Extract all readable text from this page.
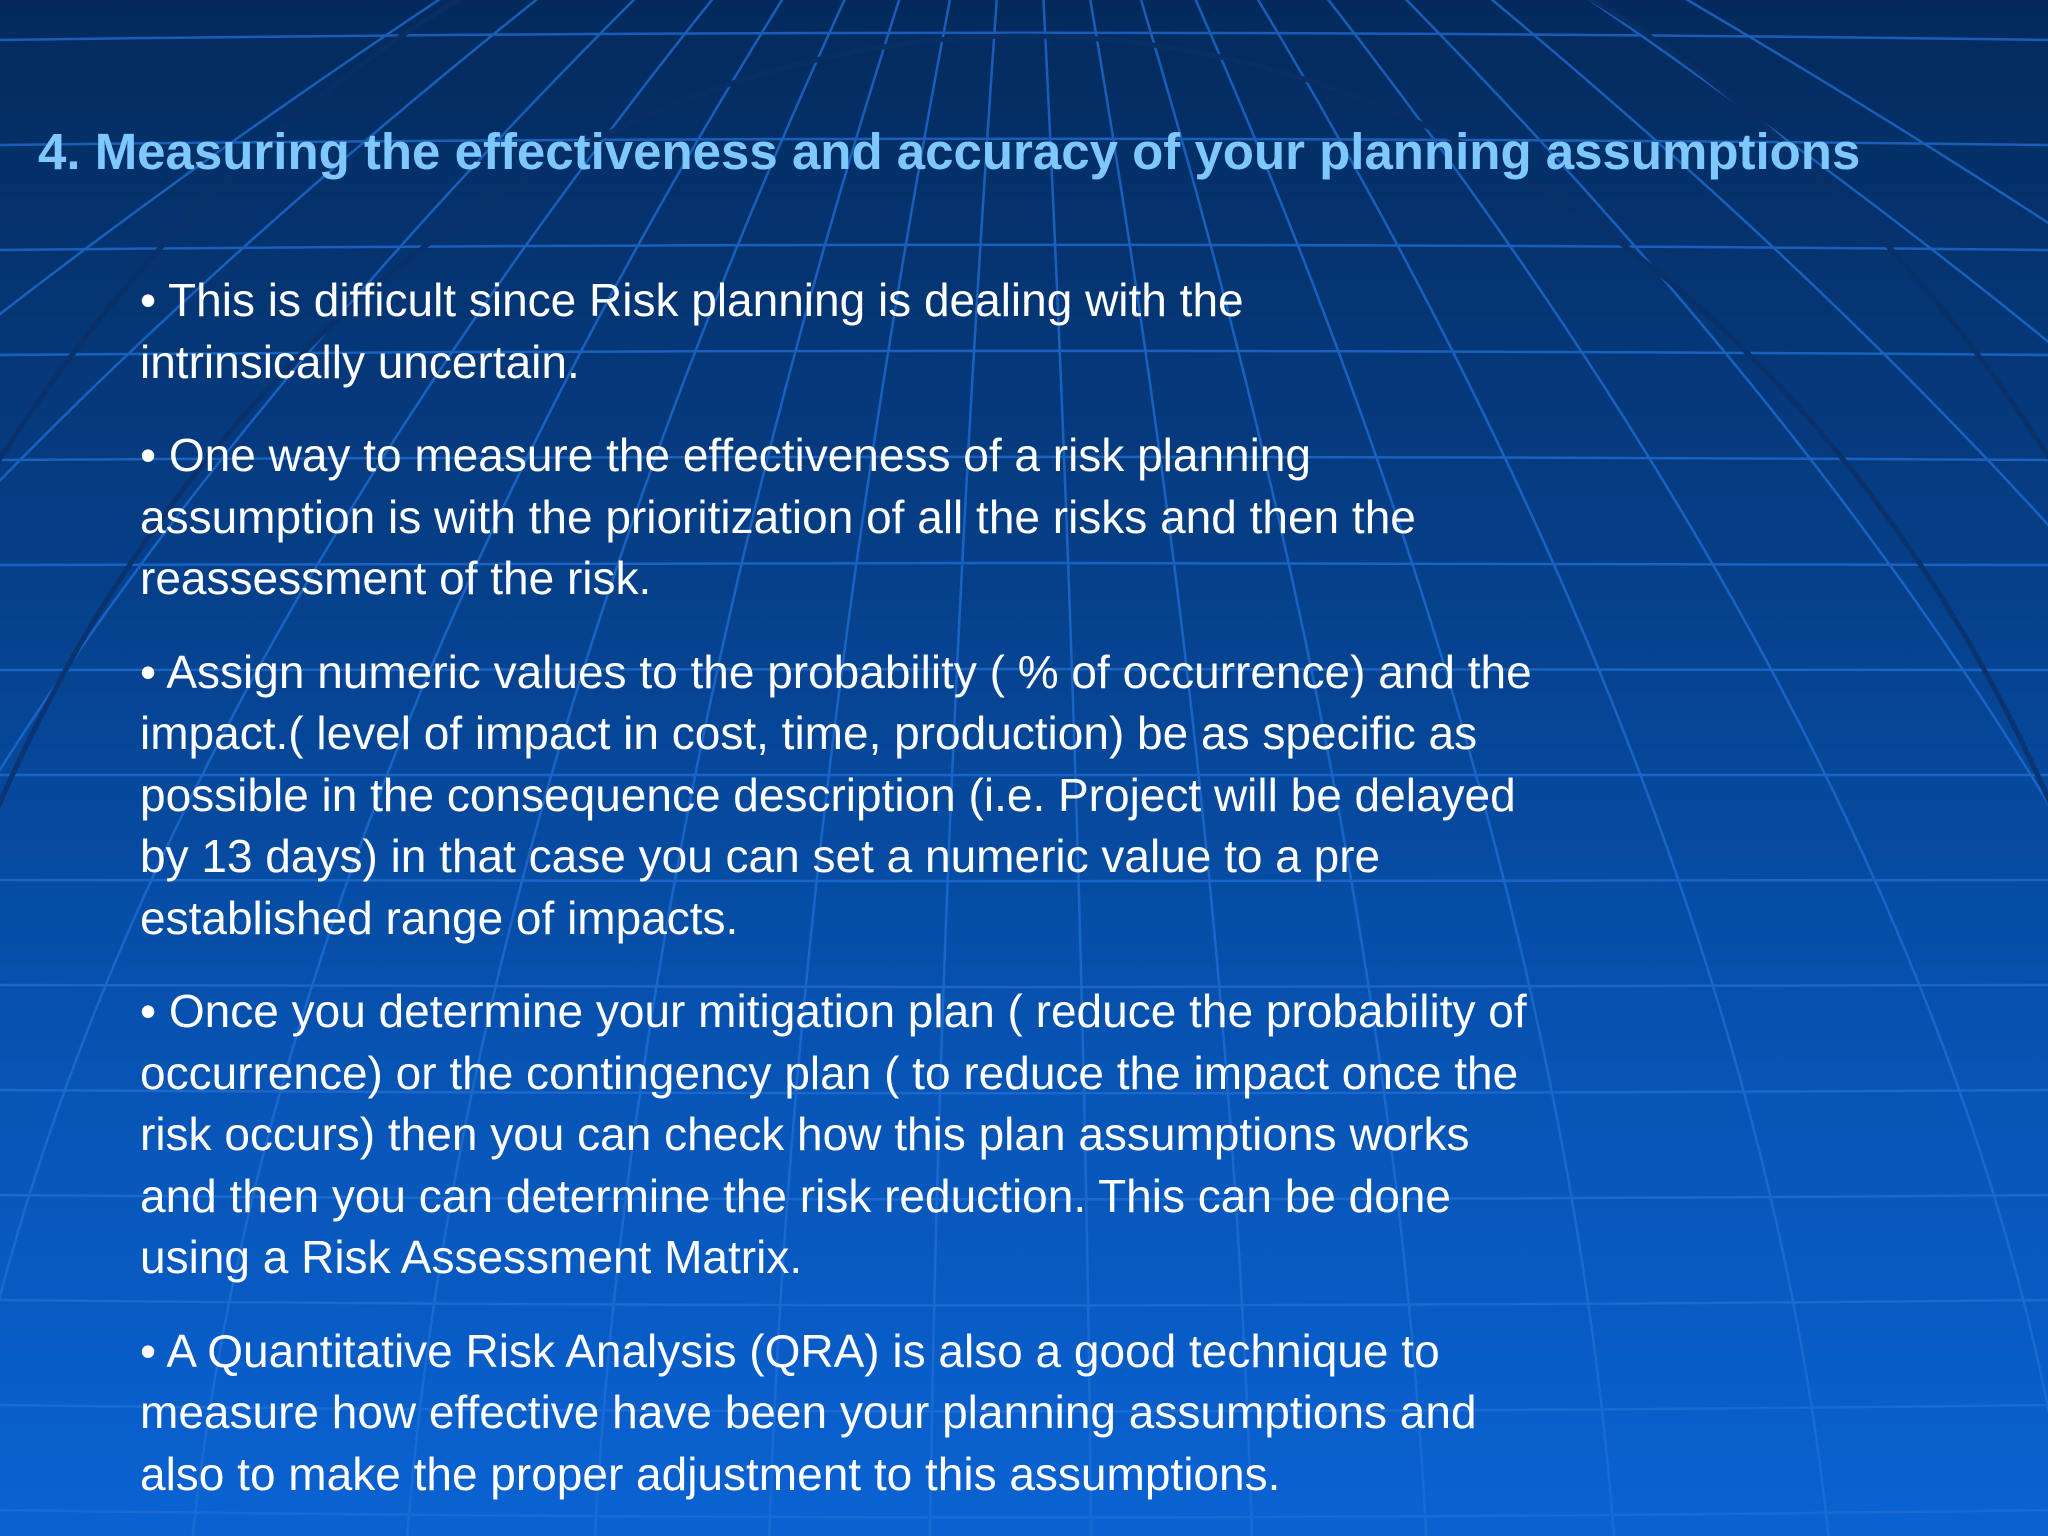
4. Measuring the effectiveness and accuracy of your planning assumptions
• This is difficult since Risk planning is dealing with the
intrinsically uncertain.
• One way to measure the effectiveness of a risk planning
assumption is with the prioritization of all the risks and then the
reassessment of the risk.
• Assign numeric values to the probability ( % of occurrence) and the
impact.( level of impact in cost, time, production) be as specific as
possible in the consequence description (i.e. Project will be delayed
by 13 days) in that case you can set a numeric value to a pre
established range of impacts.
• Once you determine your mitigation plan ( reduce the probability of
occurrence) or the contingency plan ( to reduce the impact once the
risk occurs) then you can check how this plan assumptions works
and then you can determine the risk reduction. This can be done
using a Risk Assessment Matrix.
• A Quantitative Risk Analysis (QRA) is also a good technique to
measure how effective have been your planning assumptions and
also to make the proper adjustment to this assumptions.
